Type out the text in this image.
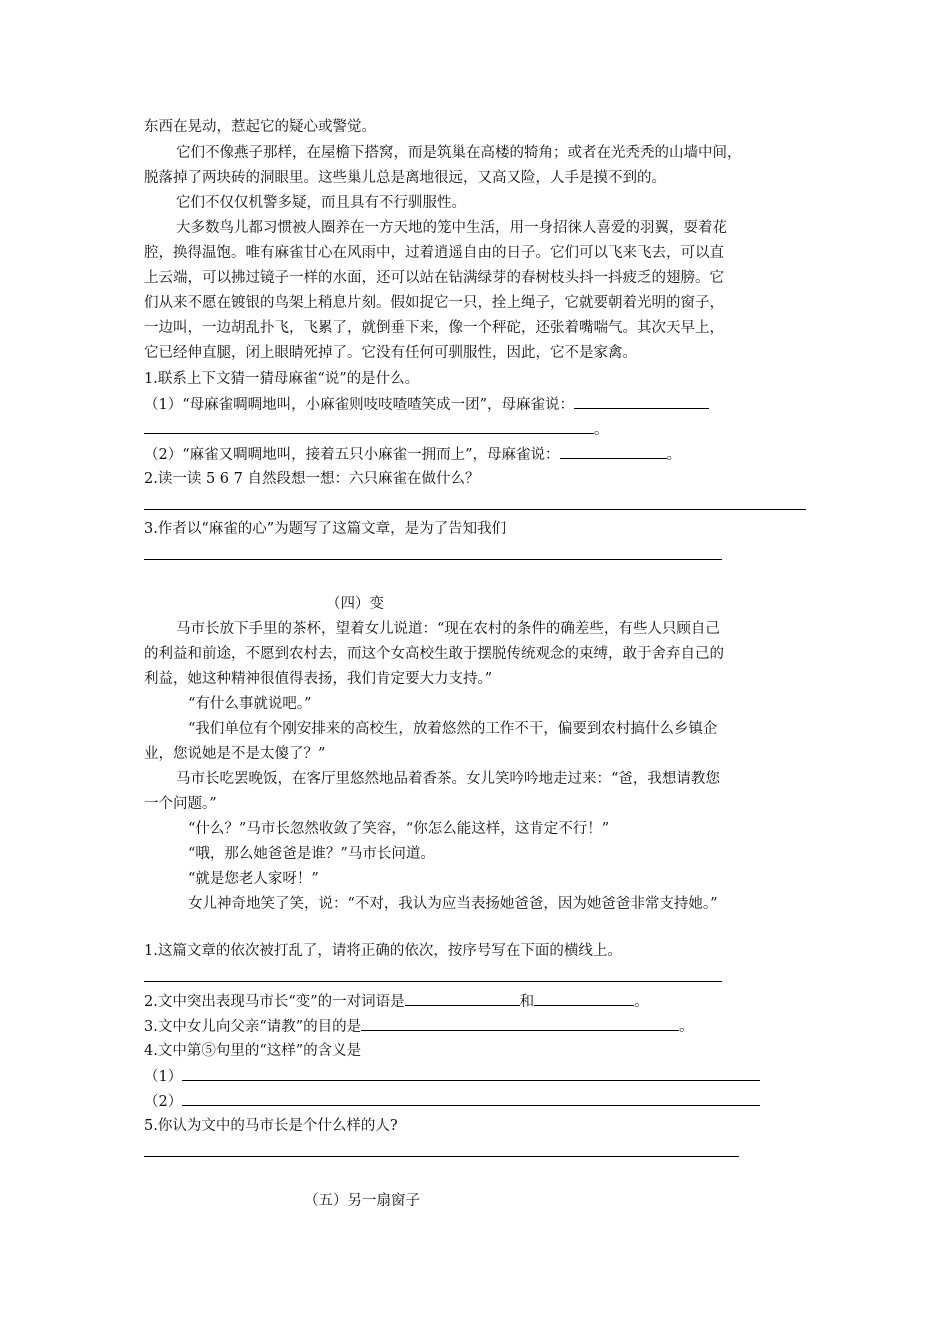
东西在晃动，惹起它的疑心或警觉。
它们不像燕子那样，在屋檐下搭窝，而是筑巢在高楼的犄角；或者在光秃秃的山墙中间，
脱落掉了两块砖的洞眼里。这些巢儿总是离地很远，又高又险，人手是摸不到的。
它们不仅仅机警多疑，而且具有不行驯服性。
大多数鸟儿都习惯被人圈养在一方天地的笼中生活，用一身招徕人喜爱的羽翼，耍着花
腔，换得温饱。唯有麻雀甘心在风雨中，过着逍遥自由的日子。它们可以飞来飞去，可以直
上云端，可以拂过镜子一样的水面，还可以站在钻满绿芽的春树枝头抖一抖疲乏的翅膀。它
们从来不愿在镀银的鸟架上稍息片刻。假如捉它一只，拴上绳子，它就要朝着光明的窗子，
一边叫，一边胡乱扑飞，飞累了，就倒垂下来，像一个秤砣，还张着嘴喘气。其次天早上，
它已经伸直腿，闭上眼睛死掉了。它没有任何可驯服性，因此，它不是家禽。
1.联系上下文猜一猜母麻雀“说”的是什么。
（1）“母麻雀啁啁地叫，小麻雀则吱吱喳喳笑成一团”，母麻雀说：
。
（2）“麻雀又啁啁地叫，接着五只小麻雀一拥而上”，母麻雀说：	。
2.读一读 5 6 7 自然段想一想：六只麻雀在做什么？
3.作者以“麻雀的心”为题写了这篇文章，是为了告知我们
（四）变
马市长放下手里的茶杯，望着女儿说道：“现在农村的条件的确差些，有些人只顾自己
的利益和前途，不愿到农村去，而这个女高校生敢于摆脱传统观念的束缚，敢于舍弃自己的
利益，她这种精神很值得表扬，我们肯定要大力支持。”
“有什么事就说吧。”
“我们单位有个刚安排来的高校生，放着悠然的工作不干，偏要到农村搞什么乡镇企
业，您说她是不是太傻了？”
马市长吃罢晚饭，在客厅里悠然地品着香茶。女儿笑吟吟地走过来：“爸，我想请教您
一个问题。”
“什么？”马市长忽然收敛了笑容，“你怎么能这样，这肯定不行！”
“哦，那么她爸爸是谁？”马市长问道。
“就是您老人家呀！”
女儿神奇地笑了笑，说：“不对，我认为应当表扬她爸爸，因为她爸爸非常支持她。”
1.这篇文章的依次被打乱了，请将正确的依次，按序号写在下面的横线上。
2.文中突出表现马市长“变”的一对词语是	和	。
3.文中女儿向父亲“请教”的目的是	。
4.文中第⑤句里的“这样”的含义是
（1）
（2）
5.你认为文中的马市长是个什么样的人?
（五）另一扇窗子
